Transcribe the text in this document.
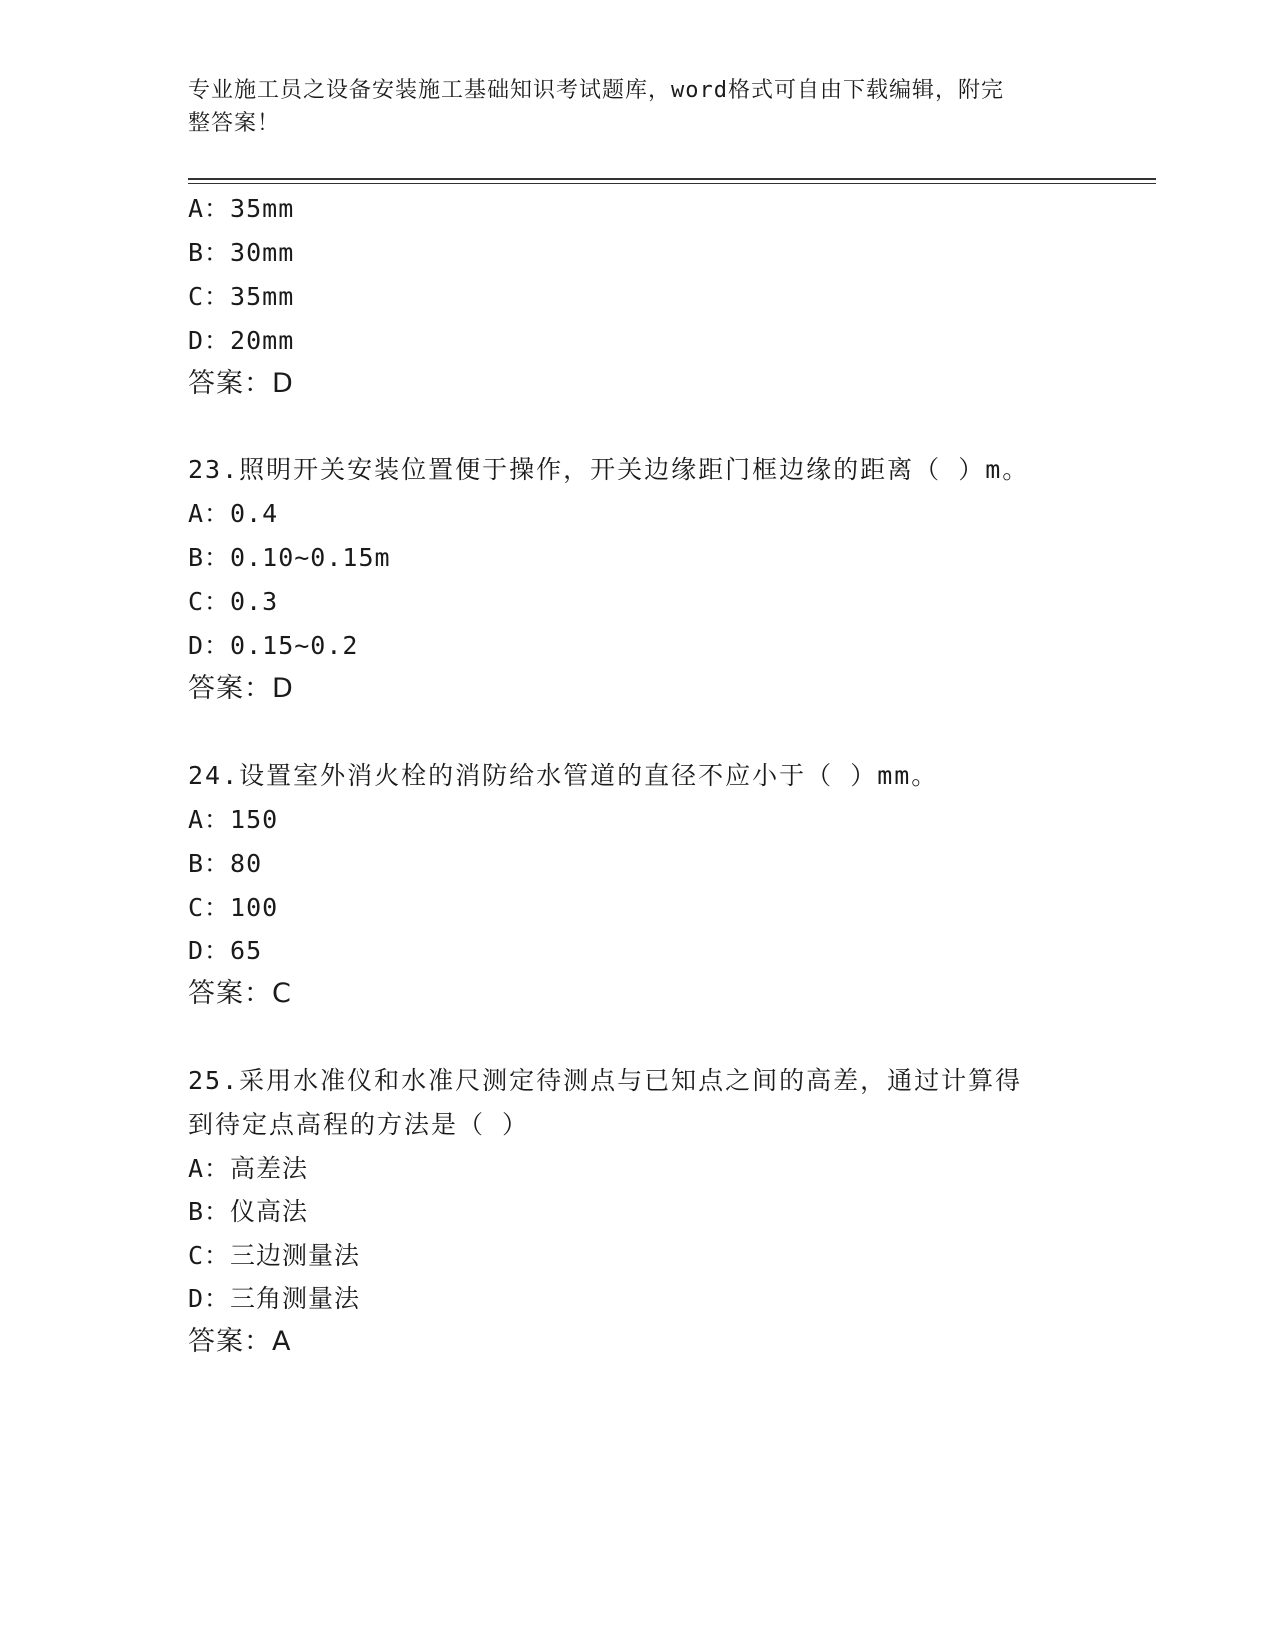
专业施工员之设备安装施工基础知识考试题库，word格式可自由下载编辑，附完
整答案！
A：35mm
B：30mm
C：35mm
D：20mm
答案：D
23.照明开关安装位置便于操作，开关边缘距门框边缘的距离（ ）m。
A：0.4
B：0.10~0.15m
C：0.3
D：0.15~0.2
答案：D
24.设置室外消火栓的消防给水管道的直径不应小于（ ）mm。
A：150
B：80
C：100
D：65
答案：C
25.采用水准仪和水准尺测定待测点与已知点之间的高差，通过计算得
到待定点高程的方法是（ ）
A：高差法
B：仪高法
C：三边测量法
D：三角测量法
答案：A
